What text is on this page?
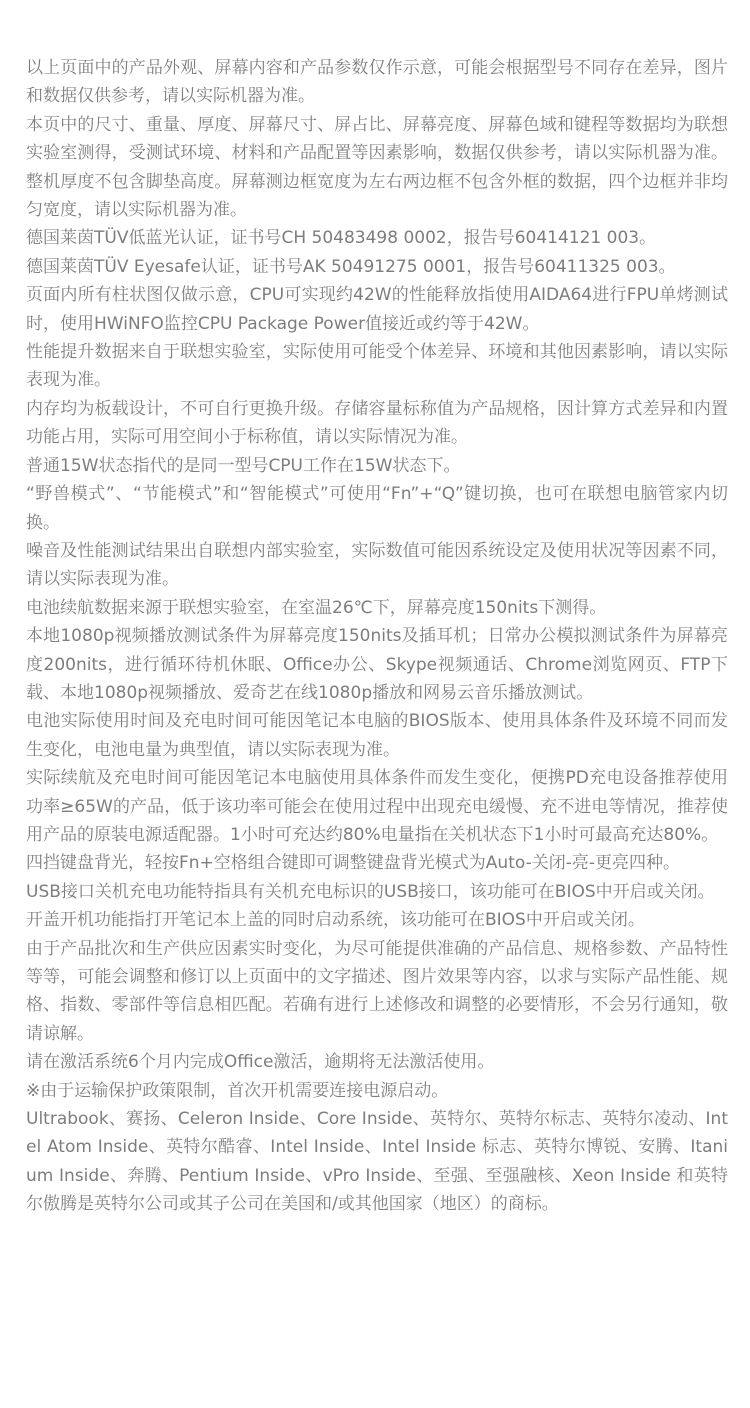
以上页面中的产品外观、屏幕内容和产品参数仅作示意，可能会根据型号不同存在差异，图片和数据仅供参考，请以实际机器为准。
本页中的尺寸、重量、厚度、屏幕尺寸、屏占比、屏幕亮度、屏幕色域和键程等数据均为联想实验室测得，受测试环境、材料和产品配置等因素影响，数据仅供参考，请以实际机器为准。整机厚度不包含脚垫高度。屏幕测边框宽度为左右两边框不包含外框的数据，四个边框并非均匀宽度，请以实际机器为准。
德国莱茵TÜV低蓝光认证，证书号CH 50483498 0002，报告号60414121 003。
德国莱茵TÜV Eyesafe认证，证书号AK 50491275 0001，报告号60411325 003。
页面内所有柱状图仅做示意，CPU可实现约42W的性能释放指使用AIDA64进行FPU单烤测试时，使用HWiNFO监控CPU Package Power值接近或约等于42W。
性能提升数据来自于联想实验室，实际使用可能受个体差异、环境和其他因素影响，请以实际表现为准。
内存均为板载设计，不可自行更换升级。存储容量标称值为产品规格，因计算方式差异和内置功能占用，实际可用空间小于标称值，请以实际情况为准。
普通15W状态指代的是同一型号CPU工作在15W状态下。
“野兽模式”、“节能模式”和“智能模式”可使用“Fn”+“Q”键切换，也可在联想电脑管家内切换。
噪音及性能测试结果出自联想内部实验室，实际数值可能因系统设定及使用状况等因素不同，请以实际表现为准。
电池续航数据来源于联想实验室，在室温26℃下，屏幕亮度150nits下测得。
本地1080p视频播放测试条件为屏幕亮度150nits及插耳机；日常办公模拟测试条件为屏幕亮度200nits，进行循环待机休眠、Office办公、Skype视频通话、Chrome浏览网页、FTP下载、本地1080p视频播放、爱奇艺在线1080p播放和网易云音乐播放测试。
电池实际使用时间及充电时间可能因笔记本电脑的BIOS版本、使用具体条件及环境不同而发生变化，电池电量为典型值，请以实际表现为准。
实际续航及充电时间可能因笔记本电脑使用具体条件而发生变化，便携PD充电设备推荐使用功率≥65W的产品，低于该功率可能会在使用过程中出现充电缓慢、充不进电等情况，推荐使用产品的原装电源适配器。1小时可充达约80%电量指在关机状态下1小时可最高充达80%。
四挡键盘背光，轻按Fn+空格组合键即可调整键盘背光模式为Auto-关闭-亮-更亮四种。
USB接口关机充电功能特指具有关机充电标识的USB接口，该功能可在BIOS中开启或关闭。
开盖开机功能指打开笔记本上盖的同时启动系统，该功能可在BIOS中开启或关闭。
由于产品批次和生产供应因素实时变化，为尽可能提供准确的产品信息、规格参数、产品特性等等，可能会调整和修订以上页面中的文字描述、图片效果等内容，以求与实际产品性能、规格、指数、零部件等信息相匹配。若确有进行上述修改和调整的必要情形，不会另行通知，敬请谅解。
请在激活系统6个月内完成Office激活，逾期将无法激活使用。
※由于运输保护政策限制，首次开机需要连接电源启动。
Ultrabook、赛扬、Celeron Inside、Core Inside、英特尔、英特尔标志、英特尔凌动、Intel Atom Inside、英特尔酷睿、Intel Inside、Intel Inside 标志、英特尔博锐、安腾、Itanium Inside、奔腾、Pentium Inside、vPro Inside、至强、至强融核、Xeon Inside 和英特尔傲腾是英特尔公司或其子公司在美国和/或其他国家（地区）的商标。
